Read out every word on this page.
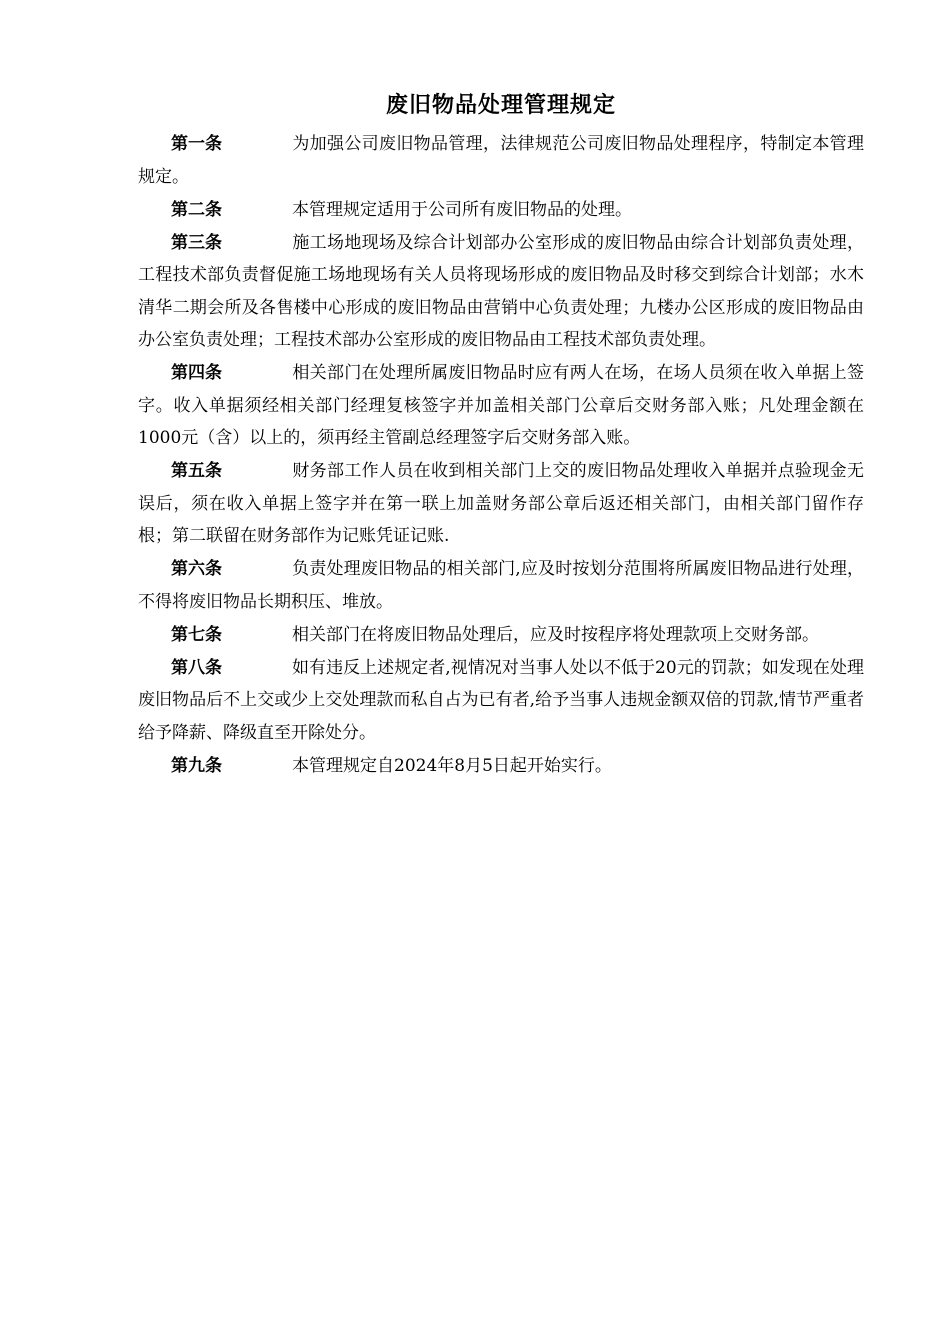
废旧物品处理管理规定

第一条	为加强公司废旧物品管理，法律规范公司废旧物品处理程序，特制定本管理规定。

第二条	本管理规定适用于公司所有废旧物品的处理。

第三条	施工场地现场及综合计划部办公室形成的废旧物品由综合计划部负责处理，工程技术部负责督促施工场地现场有关人员将现场形成的废旧物品及时移交到综合计划部；水木清华二期会所及各售楼中心形成的废旧物品由营销中心负责处理；九楼办公区形成的废旧物品由办公室负责处理；工程技术部办公室形成的废旧物品由工程技术部负责处理。

第四条	相关部门在处理所属废旧物品时应有两人在场，在场人员须在收入单据上签字。收入单据须经相关部门经理复核签字并加盖相关部门公章后交财务部入账；凡处理金额在1000元（含）以上的，须再经主管副总经理签字后交财务部入账。

第五条	财务部工作人员在收到相关部门上交的废旧物品处理收入单据并点验现金无误后，须在收入单据上签字并在第一联上加盖财务部公章后返还相关部门，由相关部门留作存根；第二联留在财务部作为记账凭证记账.

第六条	负责处理废旧物品的相关部门,应及时按划分范围将所属废旧物品进行处理，不得将废旧物品长期积压、堆放。

第七条	相关部门在将废旧物品处理后，应及时按程序将处理款项上交财务部。

第八条	如有违反上述规定者,视情况对当事人处以不低于20元的罚款；如发现在处理废旧物品后不上交或少上交处理款而私自占为已有者,给予当事人违规金额双倍的罚款,情节严重者给予降薪、降级直至开除处分。

第九条	本管理规定自2024年8月5日起开始实行。
